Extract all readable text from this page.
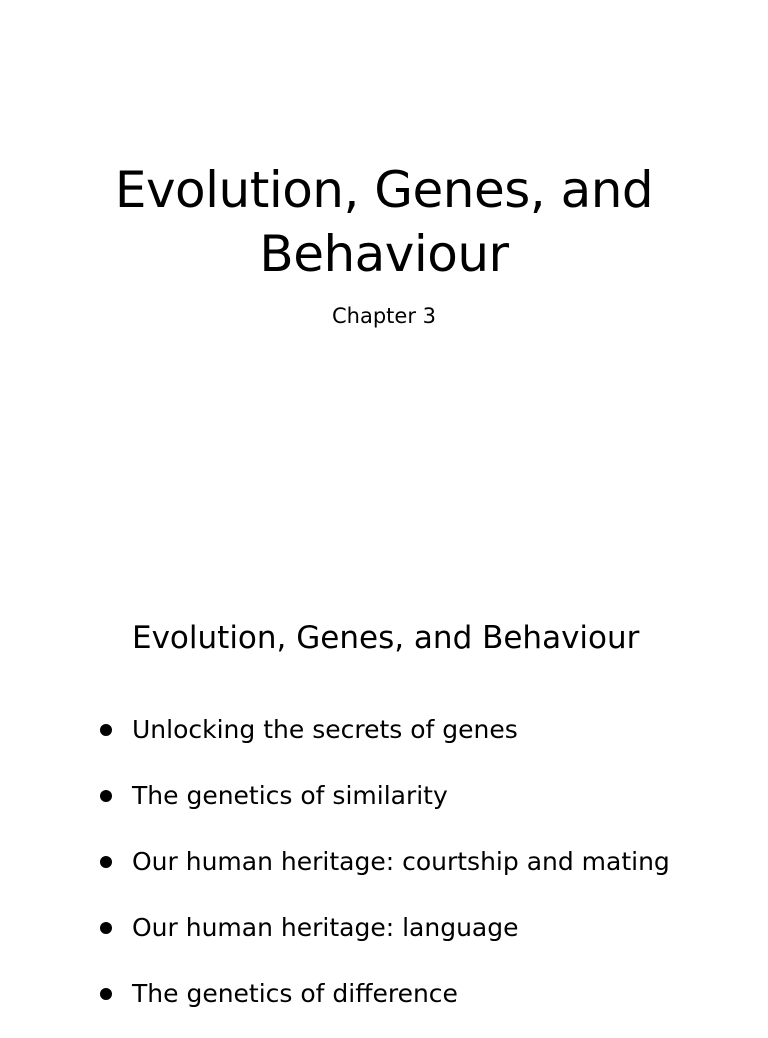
Evolution, Genes, and
Behaviour

Chapter 3

Evolution, Genes, and Behaviour
Unlocking the secrets of genes
The genetics of similarity
Our human heritage: courtship and mating
Our human heritage: language
The genetics of difference
